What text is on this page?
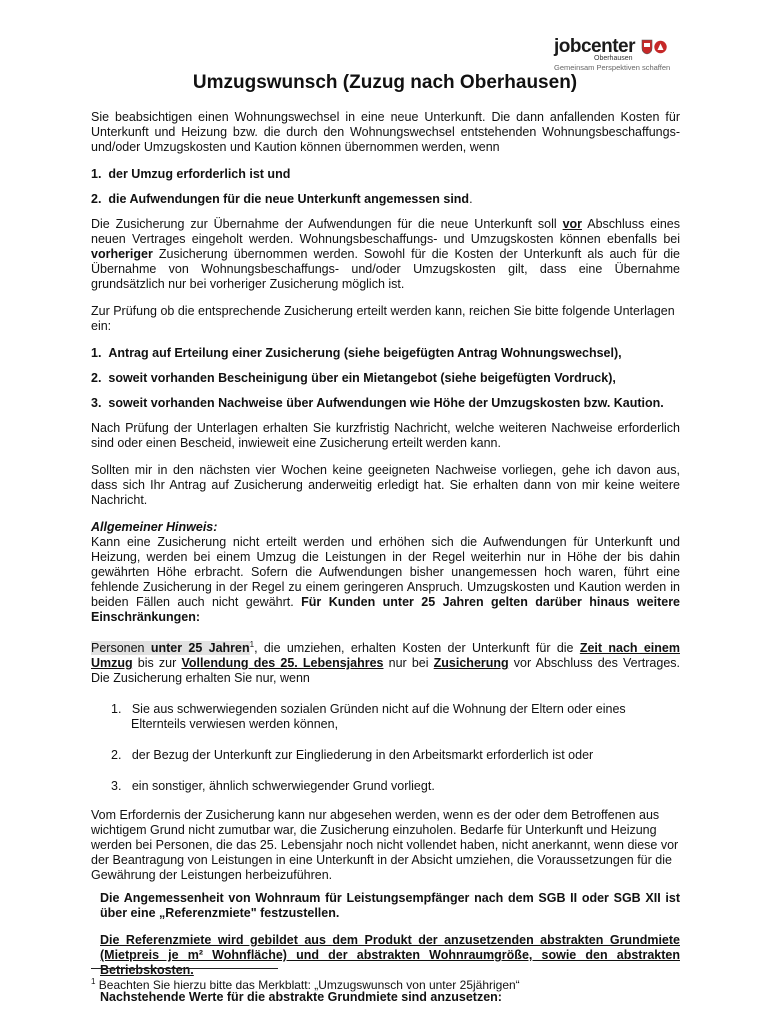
jobcenter
Oberhausen
Gemeinsam Perspektiven schaffen
Umzugswunsch (Zuzug nach Oberhausen)

Sie beabsichtigen einen Wohnungswechsel in eine neue Unterkunft. Die dann anfallenden Kosten für Unterkunft und Heizung bzw. die durch den Wohnungswechsel entstehenden Wohnungsbeschaffungs- und/oder Umzugskosten und Kaution können übernommen werden, wenn

1.  der Umzug erforderlich ist und
2.  die Aufwendungen für die neue Unterkunft angemessen sind.

Die Zusicherung zur Übernahme der Aufwendungen für die neue Unterkunft soll vor Abschluss eines neuen Vertrages eingeholt werden. Wohnungsbeschaffungs- und Umzugskosten können ebenfalls bei vorheriger Zusicherung übernommen werden. Sowohl für die Kosten der Unterkunft als auch für die Übernahme von Wohnungsbeschaffungs- und/oder Umzugskosten gilt, dass eine Übernahme grundsätzlich nur bei vorheriger Zusicherung möglich ist.

Zur Prüfung ob die entsprechende Zusicherung erteilt werden kann, reichen Sie bitte folgende Unterlagen ein:

1.  Antrag auf Erteilung einer Zusicherung (siehe beigefügten Antrag Wohnungswechsel),
2.  soweit vorhanden Bescheinigung über ein Mietangebot (siehe beigefügten Vordruck),
3.  soweit vorhanden Nachweise über Aufwendungen wie Höhe der Umzugskosten bzw. Kaution.

Nach Prüfung der Unterlagen erhalten Sie kurzfristig Nachricht, welche weiteren Nachweise erforderlich sind oder einen Bescheid, inwieweit eine Zusicherung erteilt werden kann.

Sollten mir in den nächsten vier Wochen keine geeigneten Nachweise vorliegen, gehe ich davon aus, dass sich Ihr Antrag auf Zusicherung anderweitig erledigt hat. Sie erhalten dann von mir keine weitere Nachricht.

Allgemeiner Hinweis:

Kann eine Zusicherung nicht erteilt werden und erhöhen sich die Aufwendungen für Unterkunft und Heizung, werden bei einem Umzug die Leistungen in der Regel weiterhin nur in Höhe der bis dahin gewährten Höhe erbracht. Sofern die Aufwendungen bisher unangemessen hoch waren, führt eine fehlende Zusicherung in der Regel zu einem geringeren Anspruch. Umzugskosten und Kaution werden in beiden Fällen auch nicht gewährt. Für Kunden unter 25 Jahren gelten darüber hinaus weitere Einschränkungen:

Personen unter 25 Jahren$^1$, die umziehen, erhalten Kosten der Unterkunft für die Zeit nach einem Umzug bis zur Vollendung des 25. Lebensjahres nur bei Zusicherung vor Abschluss des Vertrages. Die Zusicherung erhalten Sie nur, wenn

1.   Sie aus schwerwiegenden sozialen Gründen nicht auf die Wohnung der Eltern oder eines Elternteils verwiesen werden können,
2.   der Bezug der Unterkunft zur Eingliederung in den Arbeitsmarkt erforderlich ist oder
3.   ein sonstiger, ähnlich schwerwiegender Grund vorliegt.

Vom Erfordernis der Zusicherung kann nur abgesehen werden, wenn es der oder dem Betroffenen aus wichtigem Grund nicht zumutbar war, die Zusicherung einzuholen. Bedarfe für Unterkunft und Heizung werden bei Personen, die das 25. Lebensjahr noch nicht vollendet haben, nicht anerkannt, wenn diese vor der Beantragung von Leistungen in eine Unterkunft in der Absicht umziehen, die Voraussetzungen für die Gewährung der Leistungen herbeizuführen.

Die Angemessenheit von Wohnraum für Leistungsempfänger nach dem SGB II oder SGB XII ist über eine „Referenzmiete" festzustellen.

Die Referenzmiete wird gebildet aus dem Produkt der anzusetzenden abstrakten Grundmiete (Mietpreis je m² Wohnfläche) und der abstrakten Wohnraumgröße, sowie den abstrakten Betriebskosten.

Nachstehende Werte für die abstrakte Grundmiete sind anzusetzen:

$^1$ Beachten Sie hierzu bitte das Merkblatt: „Umzugswunsch von unter 25jährigen“
